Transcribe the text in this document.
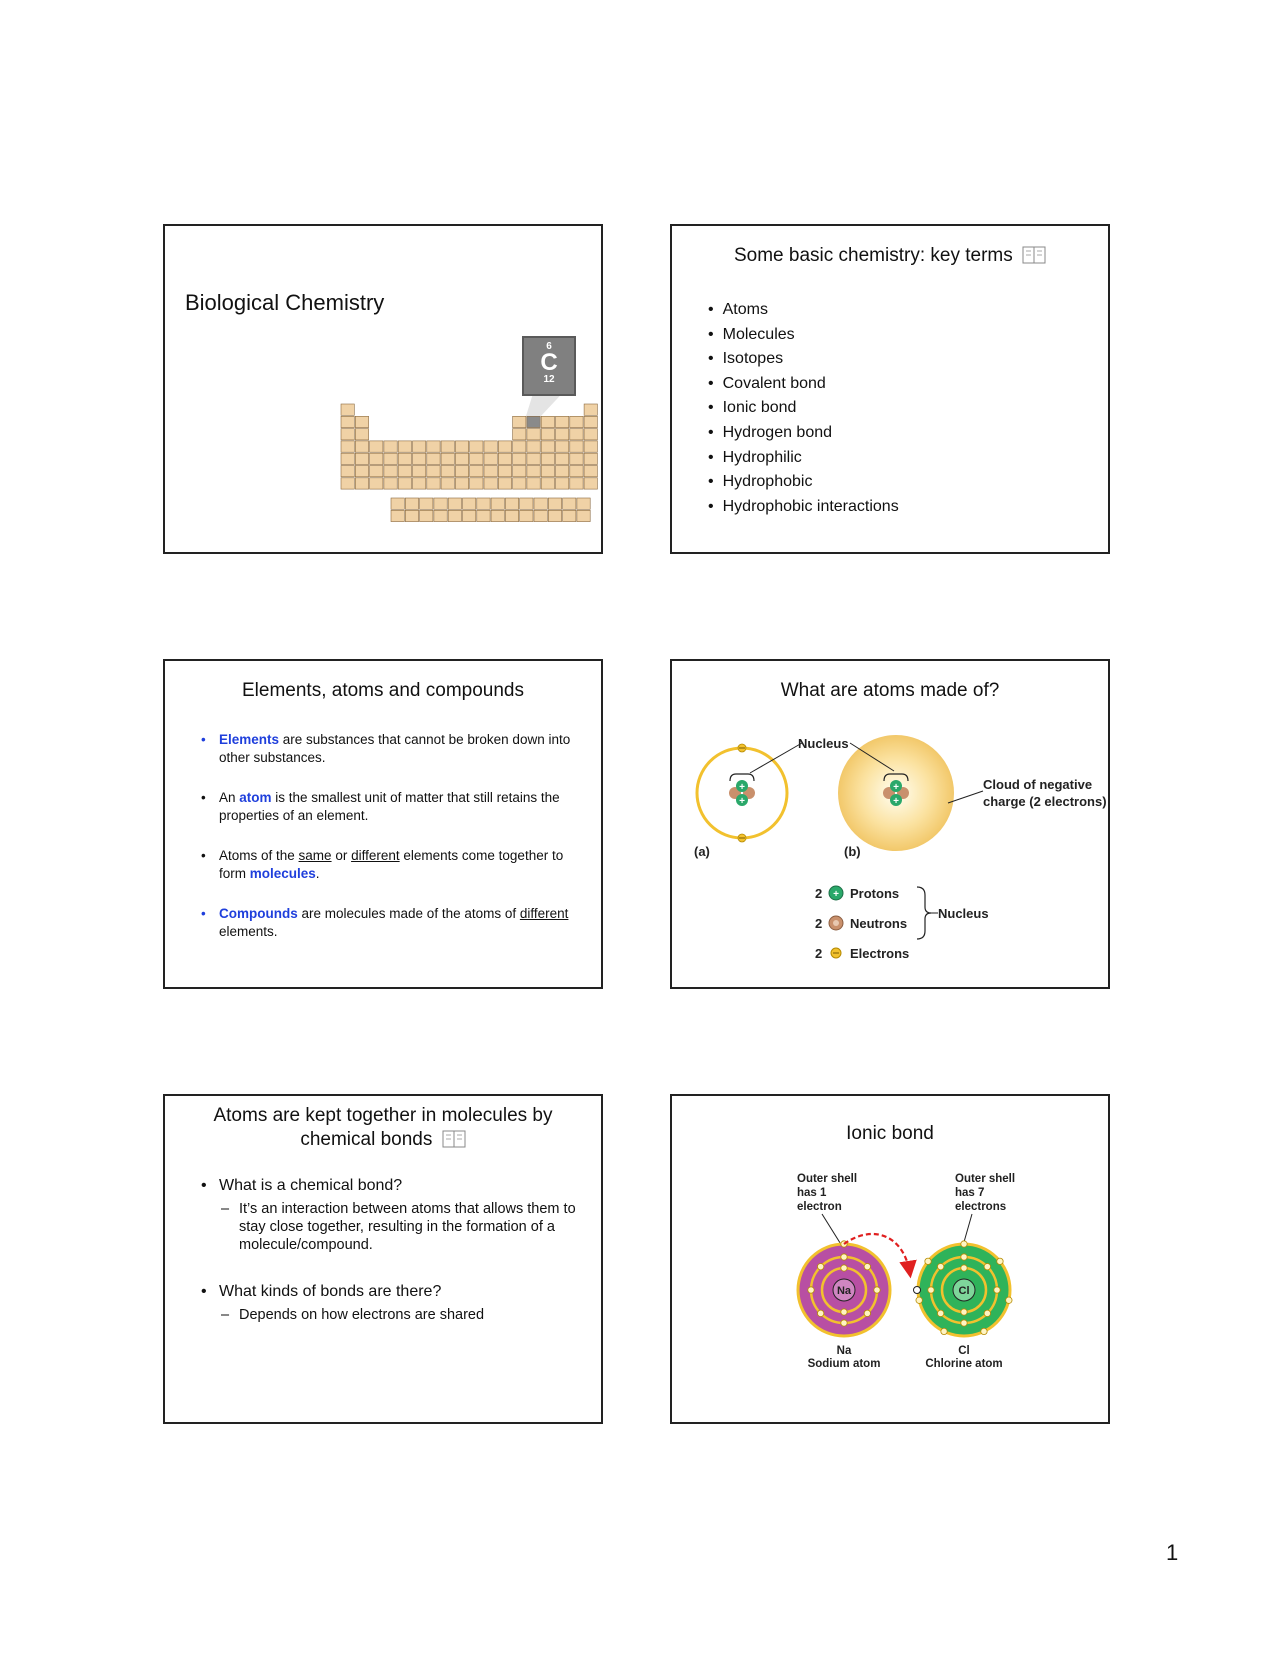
Biological Chemistry
6
C
12
Some basic chemistry: key terms
• Atoms
• Molecules
• Isotopes
• Covalent bond
• Ionic bond
• Hydrogen bond
• Hydrophilic
• Hydrophobic
• Hydrophobic interactions
Elements, atoms and compounds
• Elements are substances that cannot be broken down into other substances.
• An atom is the smallest unit of matter that still retains the properties of an element.
• Atoms of the same or different elements come together to form molecules.
• Compounds are molecules made of the atoms of different elements.
What are atoms made of?
+
+
+
+
Nucleus
Cloud of negative
charge (2 electrons)
(a)	(b)
2 + Protons
2 Neutrons
2 Electrons
Nucleus
Atoms are kept together in molecules by
chemical bonds
• What is a chemical bond?
– It’s an interaction between atoms that allows them to stay close together, resulting in the formation of a molecule/compound.
• What kinds of bonds are there?
– Depends on how electrons are shared
Ionic bond
Outer shell
has 1
electron
Outer shell
has 7
electrons
Na	Cl
Na
Sodium atom
Cl
Chlorine atom
1
